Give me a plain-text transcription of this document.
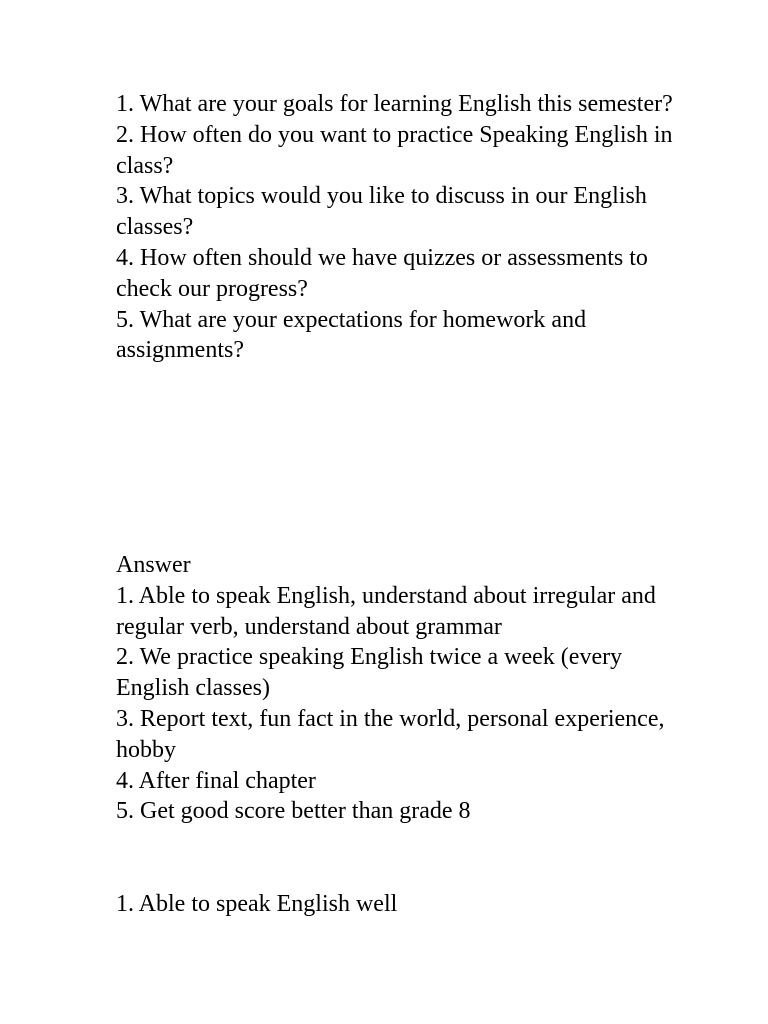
1. What are your goals for learning English this semester?

2. How often do you want to practice Speaking English in class?

3. What topics would you like to discuss in our English classes?

4. How often should we have quizzes or assessments to check our progress?

5. What are your expectations for homework and assignments?

Answer

1. Able to speak English, understand about irregular and regular verb, understand about grammar

2. We practice speaking English twice a week (every English classes)

3. Report text, fun fact in the world, personal experience, hobby

4. After final chapter

5. Get good score better than grade 8

1. Able to speak English well
